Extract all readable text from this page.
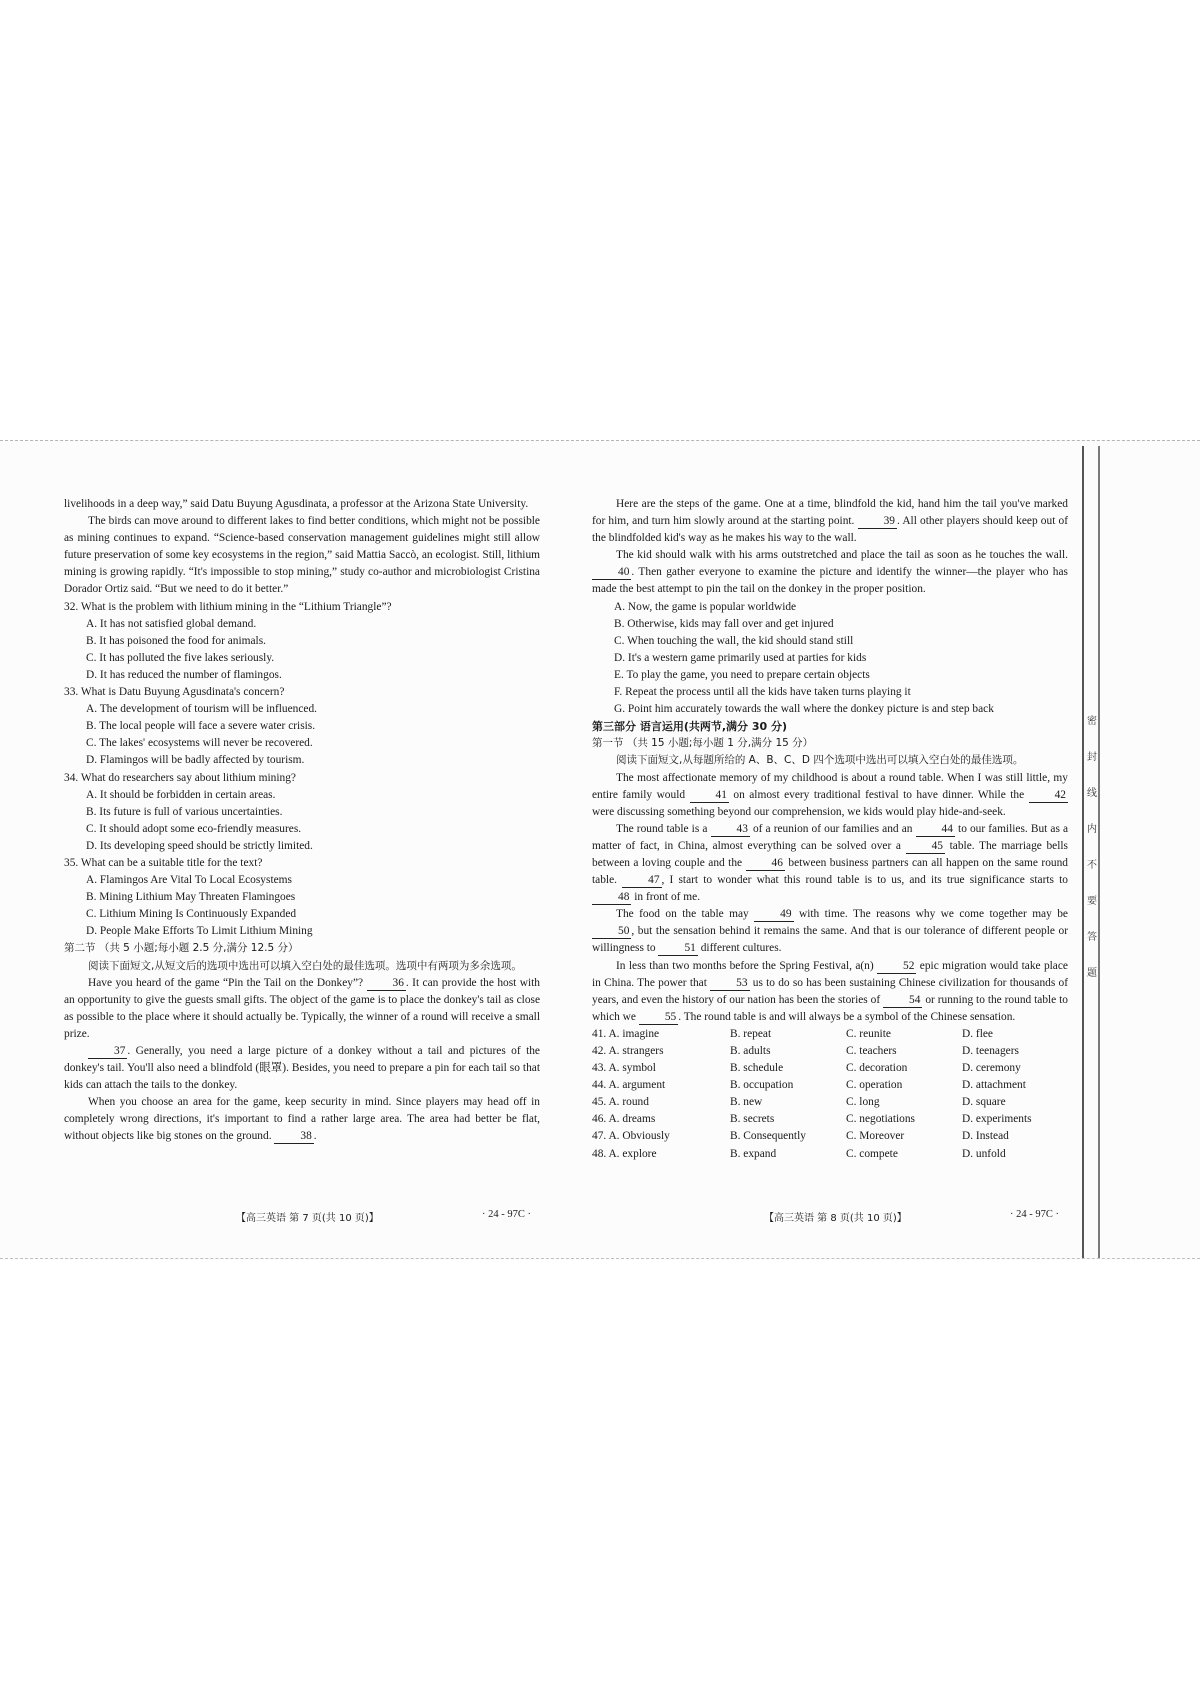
livelihoods in a deep way,” said Datu Buyung Agusdinata, a professor at the Arizona State University.
The birds can move around to different lakes to find better conditions, which might not be possible as mining continues to expand. “Science-based conservation management guidelines might still allow future preservation of some key ecosystems in the region,” said Mattia Saccò, an ecologist. Still, lithium mining is growing rapidly. “It's impossible to stop mining,” study co-author and microbiologist Cristina Dorador Ortiz said. “But we need to do it better.”
32. What is the problem with lithium mining in the “Lithium Triangle”?
A. It has not satisfied global demand.
B. It has poisoned the food for animals.
C. It has polluted the five lakes seriously.
D. It has reduced the number of flamingos.
33. What is Datu Buyung Agusdinata's concern?
A. The development of tourism will be influenced.
B. The local people will face a severe water crisis.
C. The lakes' ecosystems will never be recovered.
D. Flamingos will be badly affected by tourism.
34. What do researchers say about lithium mining?
A. It should be forbidden in certain areas.
B. Its future is full of various uncertainties.
C. It should adopt some eco-friendly measures.
D. Its developing speed should be strictly limited.
35. What can be a suitable title for the text?
A. Flamingos Are Vital To Local Ecosystems
B. Mining Lithium May Threaten Flamingoes
C. Lithium Mining Is Continuously Expanded
D. People Make Efforts To Limit Lithium Mining
第二节 （共 5 小题;每小题 2.5 分,满分 12.5 分）
阅读下面短文,从短文后的选项中选出可以填入空白处的最佳选项。选项中有两项为多余选项。
Have you heard of the game “Pin the Tail on the Donkey”?	36 . It can provide the host with an opportunity to give the guests small gifts. The object of the game is to place the donkey's tail as close as possible to the place where it should actually be. Typically, the winner of a round will receive a small prize.
37 . Generally, you need a large picture of a donkey without a tail and pictures of the donkey's tail. You'll also need a blindfold (眼罩). Besides, you need to prepare a pin for each tail so that kids can attach the tails to the donkey.
When you choose an area for the game, keep security in mind. Since players may head off in completely wrong directions, it's important to find a rather large area. The area had better be flat, without objects like big stones on the ground.	38 .
【高三英语 第 7 页(共 10 页)】	· 24 - 97C ·
Here are the steps of the game. One at a time, blindfold the kid, hand him the tail you've marked for him, and turn him slowly around at the starting point.	39 . All other players should keep out of the blindfolded kid's way as he makes his way to the wall.
The kid should walk with his arms outstretched and place the tail as soon as he touches the wall. 40 . Then gather everyone to examine the picture and identify the winner—the player who has made the best attempt to pin the tail on the donkey in the proper position.
A. Now, the game is popular worldwide
B. Otherwise, kids may fall over and get injured
C. When touching the wall, the kid should stand still
D. It's a western game primarily used at parties for kids
E. To play the game, you need to prepare certain objects
F. Repeat the process until all the kids have taken turns playing it
G. Point him accurately towards the wall where the donkey picture is and step back
第三部分 语言运用(共两节,满分 30 分)
第一节 （共 15 小题;每小题 1 分,满分 15 分）
阅读下面短文,从每题所给的 A、B、C、D 四个选项中选出可以填入空白处的最佳选项。
The most affectionate memory of my childhood is about a round table. When I was still little, my entire family would	41 on almost every traditional festival to have dinner. While the	42 were discussing something beyond our comprehension, we kids would play hide-and-seek.
The round table is a	43 of a reunion of our families and an	44 to our families. But as a matter of fact, in China, almost everything can be solved over a	45 table. The marriage bells between a loving couple and the	46 between business partners can all happen on the same round table.	47 , I start to wonder what this round table is to us, and its true significance starts to 48 in front of me.
The food on the table may	49 with time. The reasons why we come together may be 50 , but the sensation behind it remains the same. And that is our tolerance of different people or willingness to	51 different cultures.
In less than two months before the Spring Festival, a(n)	52 epic migration would take place in China. The power that	53 us to do so has been sustaining Chinese civilization for thousands of years, and even the history of our nation has been the stories of	54 or running to the round table to which we	55 . The round table is and will always be a symbol of the Chinese sensation.
41. A. imagine	B. repeat	C. reunite	D. flee
42. A. strangers	B. adults	C. teachers	D. teenagers
43. A. symbol	B. schedule	C. decoration	D. ceremony
44. A. argument	B. occupation	C. operation	D. attachment
45. A. round	B. new	C. long	D. square
46. A. dreams	B. secrets	C. negotiations	D. experiments
47. A. Obviously	B. Consequently	C. Moreover	D. Instead
48. A. explore	B. expand	C. compete	D. unfold
【高三英语 第 8 页(共 10 页)】	· 24 - 97C ·
密
封
线
内
不
要
答
题
